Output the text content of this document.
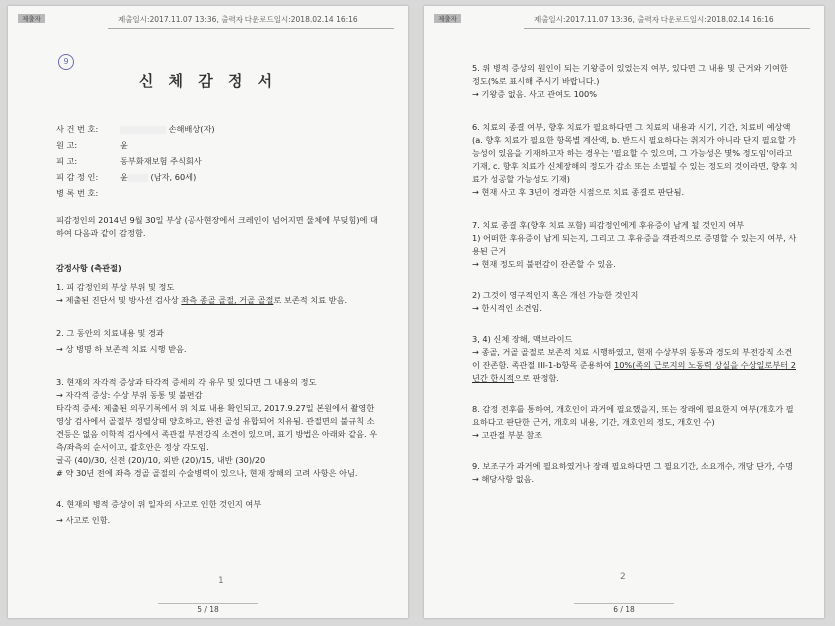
제출자	제출일시:2017.11.07 13:36, 출력자
, 다운로드일시:2018.02.14 16:16
9
신 체 감 정 서
사 건 번 호:	손해배상(자)
원 고:	윤
피 고:	동부화재보험 주식회사
피 감 정 인:	윤	(남자, 60세)
병 록 번 호:

피감정인의 2014년 9월 30일 부상 (공사현장에서 크레인이 넘어지면 물체에 부딪힘)에 대하여 다음과 같이 감정함.

감정사항 (측관절)

1. 피 감정인의 부상 부위 및 정도

→ 제출된 진단서 및 방사선 검사상 좌측 종골 골절, 거골 골절로 보존적 치료 받음.

2. 그 동안의 치료내용 및 경과

→ 상 병명 하 보존적 치료 시행 받음.

3. 현재의 자각적 증상과 타각적 증세의 각 유무 및 있다면 그 내용의 정도

→ 자각적 증상: 수상 부위 동통 및 불편감

타각적 증세: 제출된 의무기록에서 위 치료 내용 확인되고, 2017.9.27일 본원에서 촬영한 영상 검사에서 골절부 정렬상태 양호하고, 완전 골성 유합되어 치유됨. 관절면의 불규칙 소견등은 없음 이학적 검사에서 족관절 부전강직 소견이 있으며, 표기 방법은 아래와 같음. 우측/좌측의 순서이고, 괄호안은 정상 각도임.

굴곡 (40)/30, 신전 (20)/10, 외반 (20)/15, 내반 (30)/20

# 약 30년 전에 좌측 경골 골절의 수술병력이 있으나, 현재 장해의 고려 사항은 아님.

4. 현재의 병적 증상이 위 일자의 사고로 인한 것인지 여부

→ 사고로 인함.

1
5 / 18
제출자	제출일시:2017.11.07 13:36, 출력자
, 다운로드일시:2018.02.14 16:16

5. 위 병적 증상의 원인이 되는 기왕증이 있었는지 여부, 있다면 그 내용 및 근거와 기여한 정도(%로 표시해 주시기 바랍니다.)

→ 기왕증 없음. 사고 관여도 100%

6. 치료의 종결 여부, 향후 치료가 필요하다면 그 치료의 내용과 시기, 기간, 치료비 예상액(a. 향후 치료가 필요한 항목별 계산액, b. 반드시 필요하다는 취지가 아니라 단지 필요할 가능성이 있음을 기재하고자 하는 경우는 '필요할 수 있으며, 그 가능성은 몇% 정도임'이라고 기재, c. 향후 치료가 신체장해의 정도가 감소 또는 소멸될 수 있는 정도의 것이라면, 향후 치료가 성공할 가능성도 기재)

→ 현재 사고 후 3년이 경과한 시점으로 치료 종결로 판단됨.

7. 치료 종결 후(향후 치료 포함) 피감정인에게 후유증이 남게 될 것인지 여부

1) 어떠한 후유증이 남게 되는지, 그리고 그 후유증을 객관적으로 증명할 수 있는지 여부, 사용된 근거

→ 현재 정도의 불편감이 잔존할 수 있음.

2) 그것이 영구적인지 혹은 개선 가능한 것인지

→ 한시적인 소견임.

3, 4) 신체 장해, 맥브라이드

→ 종골, 거골 골절로 보존적 치료 시행하였고, 현재 수상부위 동통과 경도의 부전강직 소견이 잔존함. 족관절 III-1-b항목 준용하여 10%(족의 근로지의 노동력 상실을 수상일로부터 2년간 한시적으로 판정함.

8. 감정 전후를 통하여, 개호인이 과거에 필요했을지, 또는 장래에 필요한지 여부(개호가 필요하다고 판단한 근거, 개호의 내용, 기간, 개호인의 정도, 개호인 수)

→ 고관절 부분 참조

9. 보조구가 과거에 필요하였거나 장래 필요하다면 그 필요기간, 소요개수, 개당 단가, 수명

→ 해당사항 없음.

2
6 / 18
